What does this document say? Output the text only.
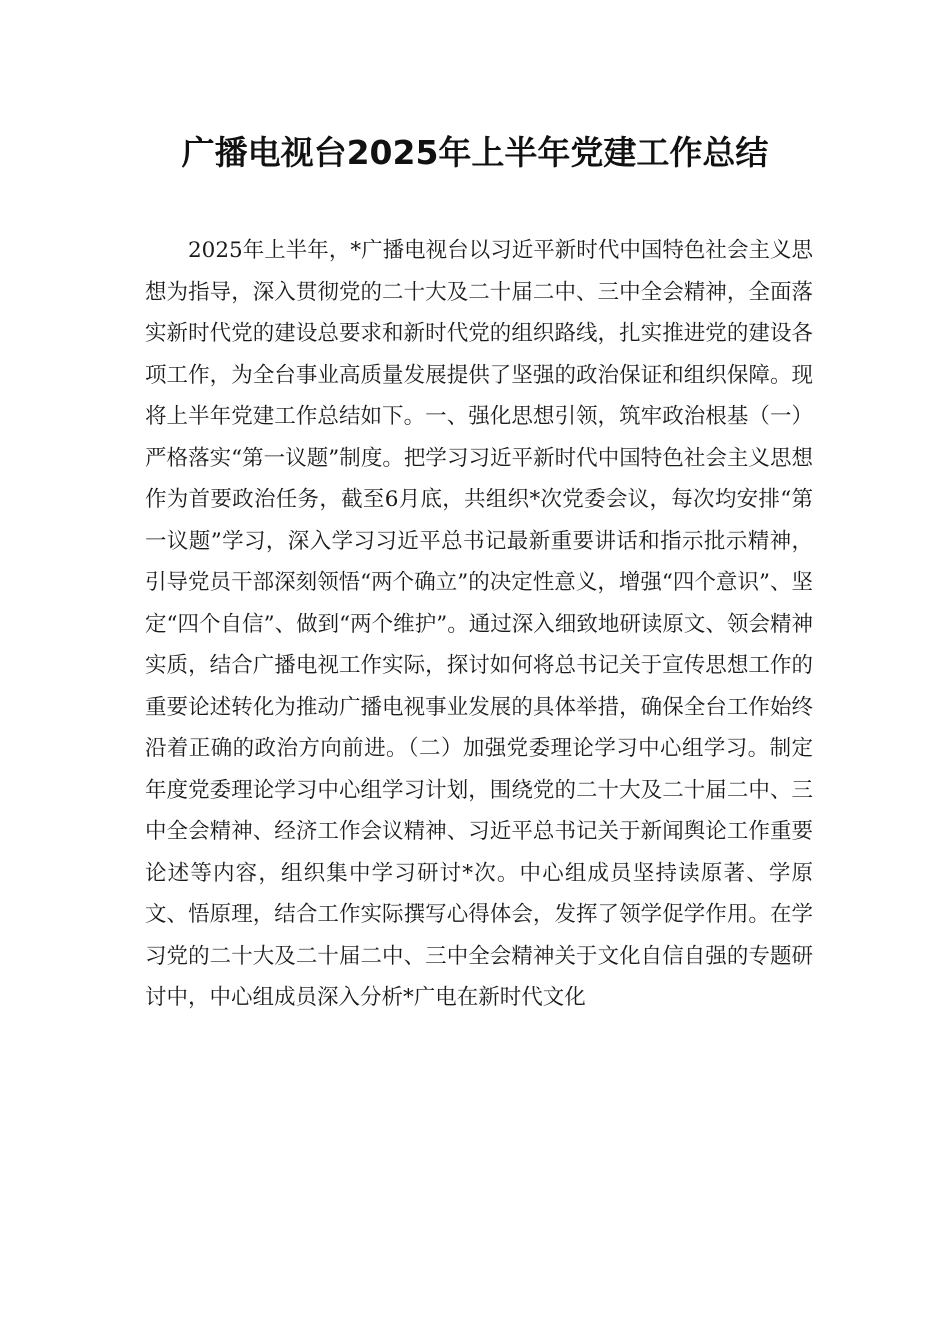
广播电视台2025年上半年党建工作总结

2025年上半年，*广播电视台以习近平新时代中国特色社会主义思想为指导，深入贯彻党的二十大及二十届二中、三中全会精神，全面落实新时代党的建设总要求和新时代党的组织路线，扎实推进党的建设各项工作，为全台事业高质量发展提供了坚强的政治保证和组织保障。现将上半年党建工作总结如下。一、强化思想引领，筑牢政治根基（一）严格落实“第一议题”制度。把学习习近平新时代中国特色社会主义思想作为首要政治任务，截至6月底，共组织*次党委会议，每次均安排“第一议题”学习，深入学习习近平总书记最新重要讲话和指示批示精神，引导党员干部深刻领悟“两个确立”的决定性意义，增强“四个意识”、坚定“四个自信”、做到“两个维护”。通过深入细致地研读原文、领会精神实质，结合广播电视工作实际，探讨如何将总书记关于宣传思想工作的重要论述转化为推动广播电视事业发展的具体举措，确保全台工作始终沿着正确的政治方向前进。（二）加强党委理论学习中心组学习。制定年度党委理论学习中心组学习计划，围绕党的二十大及二十届二中、三中全会精神、经济工作会议精神、习近平总书记关于新闻舆论工作重要论述等内容，组织集中学习研讨*次。中心组成员坚持读原著、学原文、悟原理，结合工作实际撰写心得体会，发挥了领学促学作用。在学习党的二十大及二十届二中、三中全会精神关于文化自信自强的专题研讨中，中心组成员深入分析*广电在新时代文化
